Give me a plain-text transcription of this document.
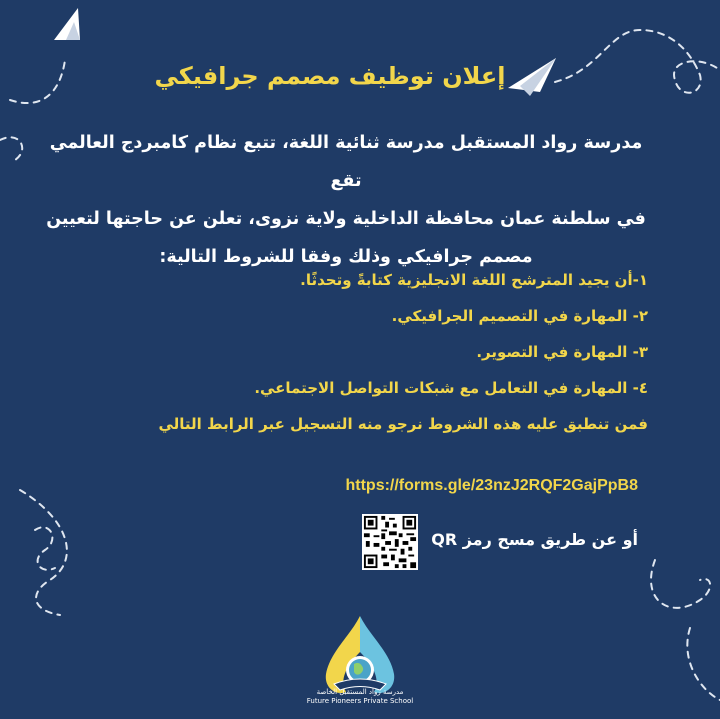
إعلان توظيف مصمم جرافيكي
مدرسة رواد المستقبل مدرسة ثنائية اللغة، تتبع نظام كامبردج العالمي تقع
في سلطنة عمان محافظة الداخلية ولاية نزوى، تعلن عن حاجتها لتعيين
مصمم جرافيكي وذلك وفقا للشروط التالية:
١-أن يجيد المترشح اللغة الانجليزية كتابةً وتحدثًا.
٢- المهارة في التصميم الجرافيكي.
٣- المهارة في التصوير.
٤- المهارة في التعامل مع شبكات التواصل الاجتماعي.
فمن تنطبق عليه هذه الشروط نرجو منه التسجيل عبر الرابط التالي
https://forms.gle/23nzJ2RQF2GajPpB8
أو عن طريق مسح رمز QR
مدرسة رواد المستقبل الخاصة
Future Pioneers Private School
